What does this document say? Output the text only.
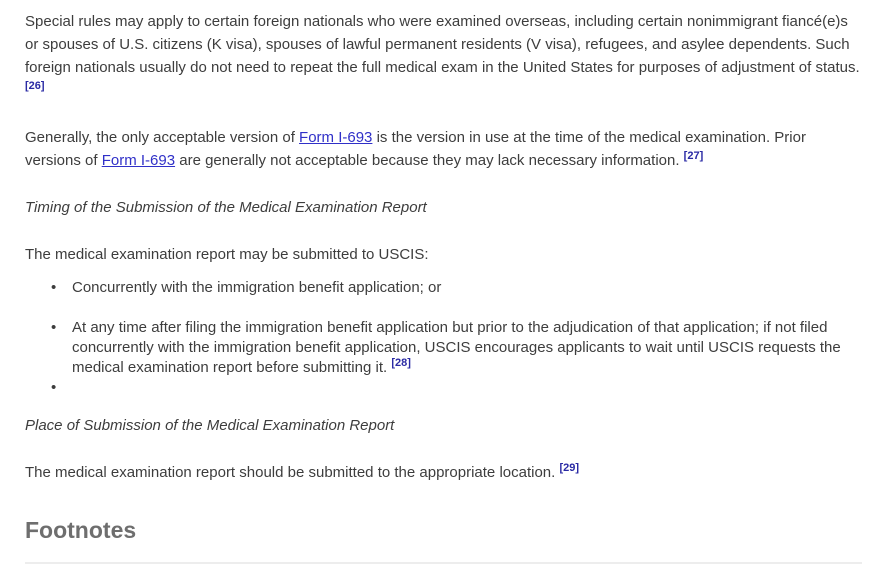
Special rules may apply to certain foreign nationals who were examined overseas, including certain nonimmigrant fiancé(e)s or spouses of U.S. citizens (K visa), spouses of lawful permanent residents (V visa), refugees, and asylee dependents. Such foreign nationals usually do not need to repeat the full medical exam in the United States for purposes of adjustment of status. [26]

Generally, the only acceptable version of Form I-693 is the version in use at the time of the medical examination. Prior versions of Form I-693 are generally not acceptable because they may lack necessary information. [27]

Timing of the Submission of the Medical Examination Report

The medical examination report may be submitted to USCIS:

• Concurrently with the immigration benefit application; or
• At any time after filing the immigration benefit application but prior to the adjudication of that application; if not filed concurrently with the immigration benefit application, USCIS encourages applicants to wait until USCIS requests the medical examination report before submitting it. [28]
•

Place of Submission of the Medical Examination Report

The medical examination report should be submitted to the appropriate location. [29]

Footnotes
